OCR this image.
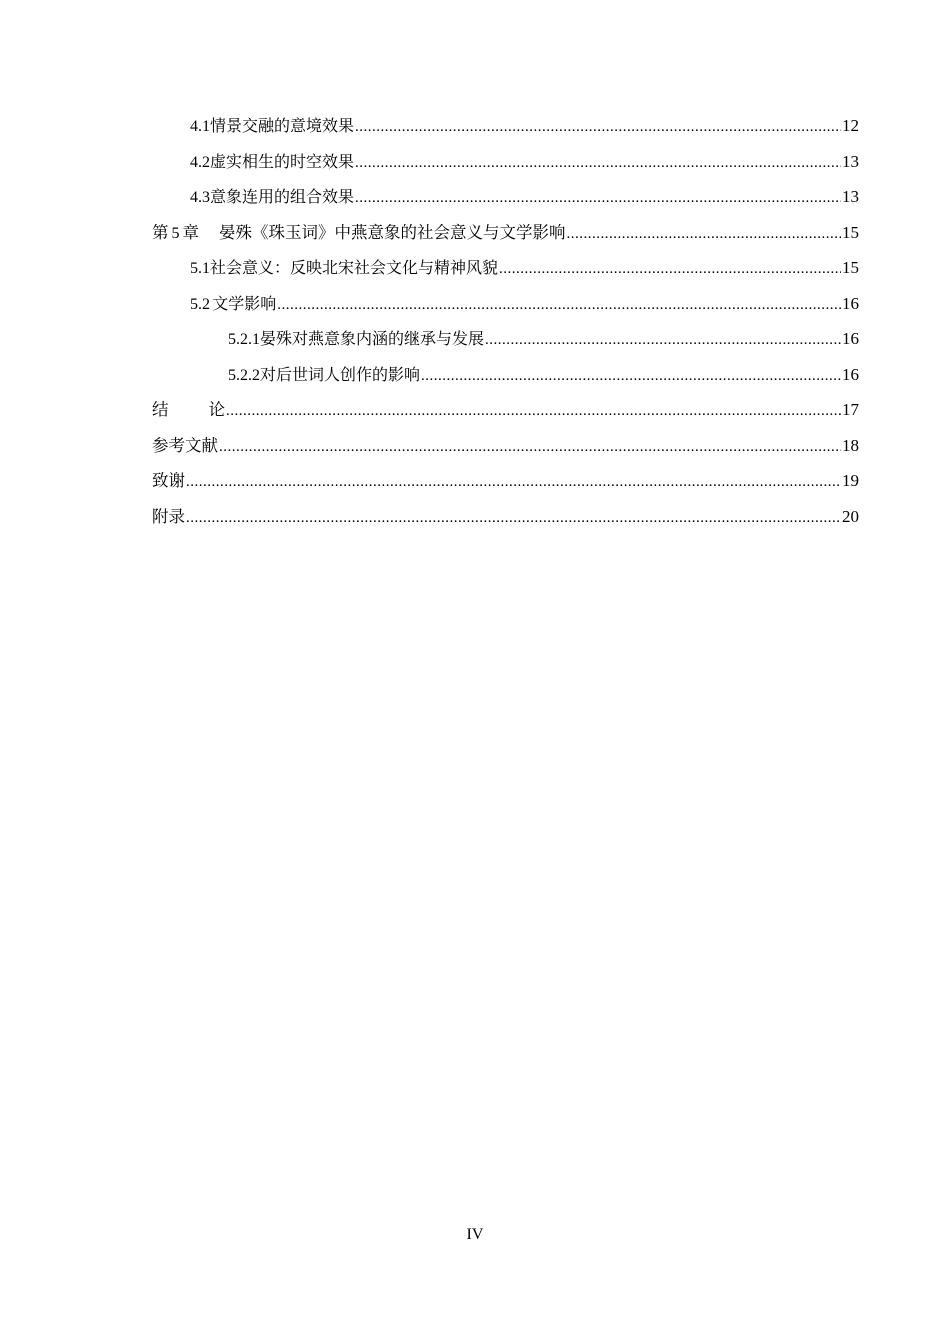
4.1 情景交融的意境效果 .....	12
4.2 虚实相生的时空效果 .....	13
4.3 意象连用的组合效果 .....	13
第 5 章 晏殊《珠玉词》中燕意象的社会意义与文学影响 .....	15
5.1 社会意义：反映北宋社会文化与精神风貌 .....	15
5.2 文学影响 .....	16
5.2.1 晏殊对燕意象内涵的继承与发展 .....	16
5.2.2 对后世词人创作的影响 .....	16
结 论 .....	17
参考文献 .....	18
致谢 .....	19
附录 .....	20
IV
